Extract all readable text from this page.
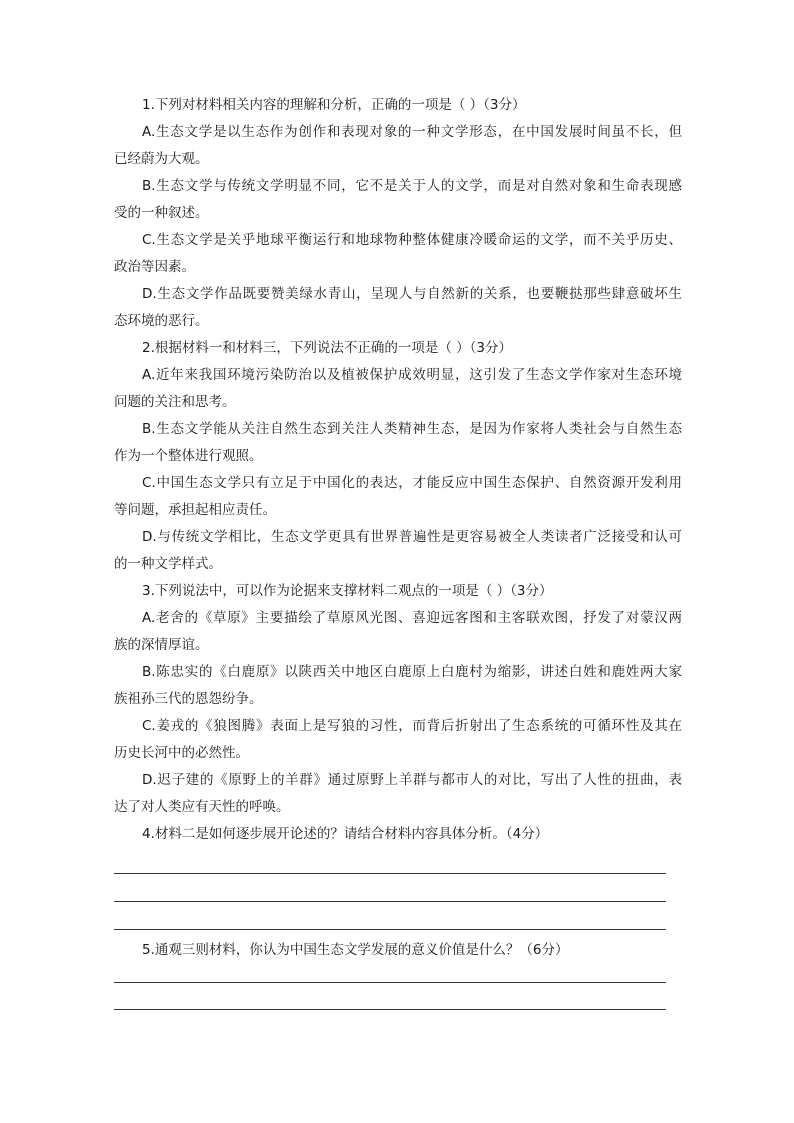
1.下列对材料相关内容的理解和分析，正确的一项是（ ）（3分）
A.生态文学是以生态作为创作和表现对象的一种文学形态，在中国发展时间虽不长，但
已经蔚为大观。
B.生态文学与传统文学明显不同，它不是关于人的文学，而是对自然对象和生命表现感
受的一种叙述。
C.生态文学是关乎地球平衡运行和地球物种整体健康冷暖命运的文学，而不关乎历史、
政治等因素。
D.生态文学作品既要赞美绿水青山，呈现人与自然新的关系，也要鞭挞那些肆意破坏生
态环境的恶行。
2.根据材料一和材料三，下列说法不正确的一项是（ ）（3分）
A.近年来我国环境污染防治以及植被保护成效明显，这引发了生态文学作家对生态环境
问题的关注和思考。
B.生态文学能从关注自然生态到关注人类精神生态，是因为作家将人类社会与自然生态
作为一个整体进行观照。
C.中国生态文学只有立足于中国化的表达，才能反应中国生态保护、自然资源开发利用
等问题，承担起相应责任。
D.与传统文学相比，生态文学更具有世界普遍性是更容易被全人类读者广泛接受和认可
的一种文学样式。
3.下列说法中，可以作为论据来支撑材料二观点的一项是（ ）（3分）
A.老舍的《草原》主要描绘了草原风光图、喜迎远客图和主客联欢图，抒发了对蒙汉两
族的深情厚谊。
B.陈忠实的《白鹿原》以陕西关中地区白鹿原上白鹿村为缩影，讲述白姓和鹿姓两大家
族祖孙三代的恩怨纷争。
C.姜戎的《狼图腾》表面上是写狼的习性，而背后折射出了生态系统的可循环性及其在
历史长河中的必然性。
D.迟子建的《原野上的羊群》通过原野上羊群与都市人的对比，写出了人性的扭曲，表
达了对人类应有天性的呼唤。
4.材料二是如何逐步展开论述的？请结合材料内容具体分析。（4分）
5.通观三则材料，你认为中国生态文学发展的意义价值是什么？（6分）
